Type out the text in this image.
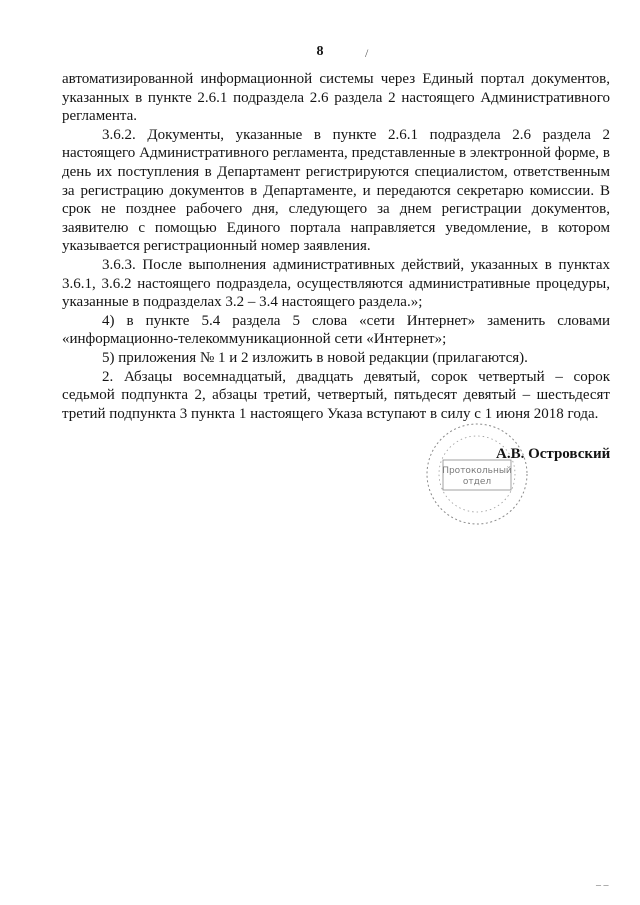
8	/

автоматизированной информационной системы через Единый портал документов, указанных в пункте 2.6.1 подраздела 2.6 раздела 2 настоящего Административного регламента.

3.6.2. Документы, указанные в пункте 2.6.1 подраздела 2.6 раздела 2 настоящего Административного регламента, представленные в электронной форме, в день их поступления в Департамент регистрируются специалистом, ответственным за регистрацию документов в Департаменте, и передаются секретарю комиссии. В срок не позднее рабочего дня, следующего за днем регистрации документов, заявителю с помощью Единого портала направляется уведомление, в котором указывается регистрационный номер заявления.

3.6.3. После выполнения административных действий, указанных в пунктах 3.6.1, 3.6.2 настоящего подраздела, осуществляются административные процедуры, указанные в подразделах 3.2 – 3.4 настоящего раздела.»;

4) в пункте 5.4 раздела 5 слова «сети Интернет» заменить словами «информационно-телекоммуникационной сети «Интернет»;

5) приложения № 1 и 2 изложить в новой редакции (прилагаются).

2. Абзацы восемнадцатый, двадцать девятый, сорок четвертый – сорок седьмой подпункта 2, абзацы третий, четвертый, пятьдесят девятый – шестьдесят третий подпункта 3 пункта 1 настоящего Указа вступают в силу с 1 июня 2018 года.

Протокольный
отдел
А.В. Островский
– –
